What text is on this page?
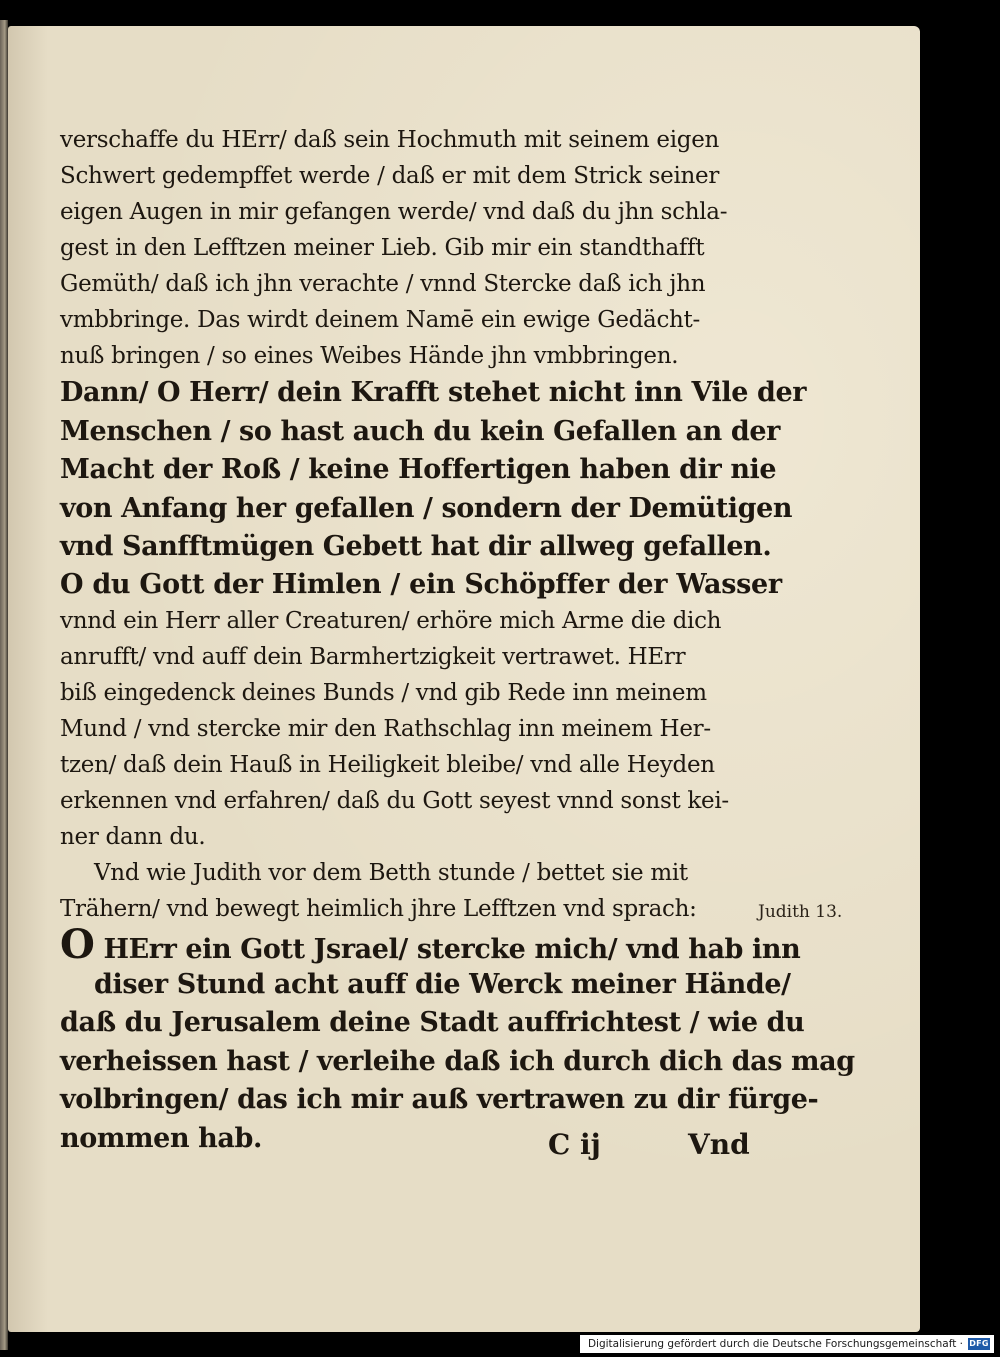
verschaffe du HErr/ daß sein Hochmuth mit seinem eigen
Schwert gedempffet werde / daß er mit dem Strick seiner
eigen Augen in mir gefangen werde/ vnd daß du jhn schla-
gest in den Lefftzen meiner Lieb. Gib mir ein standthafft
Gemüth/ daß ich jhn verachte / vnnd Stercke daß ich jhn
vmbbringe. Das wirdt deinem Namē ein ewige Gedächt-
nuß bringen / so eines Weibes Hände jhn vmbbringen.
Dann/ O Herr/ dein Krafft stehet nicht inn Vile der
Menschen / so hast auch du kein Gefallen an der
Macht der Roß / keine Hoffertigen haben dir nie
von Anfang her gefallen / sondern der Demütigen
vnd Sanfftmügen Gebett hat dir allweg gefallen.
O du Gott der Himlen / ein Schöpffer der Wasser
vnnd ein Herr aller Creaturen/ erhöre mich Arme die dich
anrufft/ vnd auff dein Barmhertzigkeit vertrawet. HErr
biß eingedenck deines Bunds / vnd gib Rede inn meinem
Mund / vnd stercke mir den Rathschlag inn meinem Her-
tzen/ daß dein Hauß in Heiligkeit bleibe/ vnd alle Heyden
erkennen vnd erfahren/ daß du Gott seyest vnnd sonst kei-
ner dann du.
Vnd wie Judith vor dem Betth stunde / bettet sie mit
Trähern/ vnd bewegt heimlich jhre Lefftzen vnd sprach:
O HErr ein Gott Jsrael/ stercke mich/ vnd hab inn
diser Stund acht auff die Werck meiner Hände/
daß du Jerusalem deine Stadt auffrichtest / wie du
verheissen hast / verleihe daß ich durch dich das mag
volbringen/ das ich mir auß vertrawen zu dir fürge-
nommen hab.
Judith 13.
C ij	Vnd
Digitalisierung gefördert durch die Deutsche Forschungsgemeinschaft · DFG
